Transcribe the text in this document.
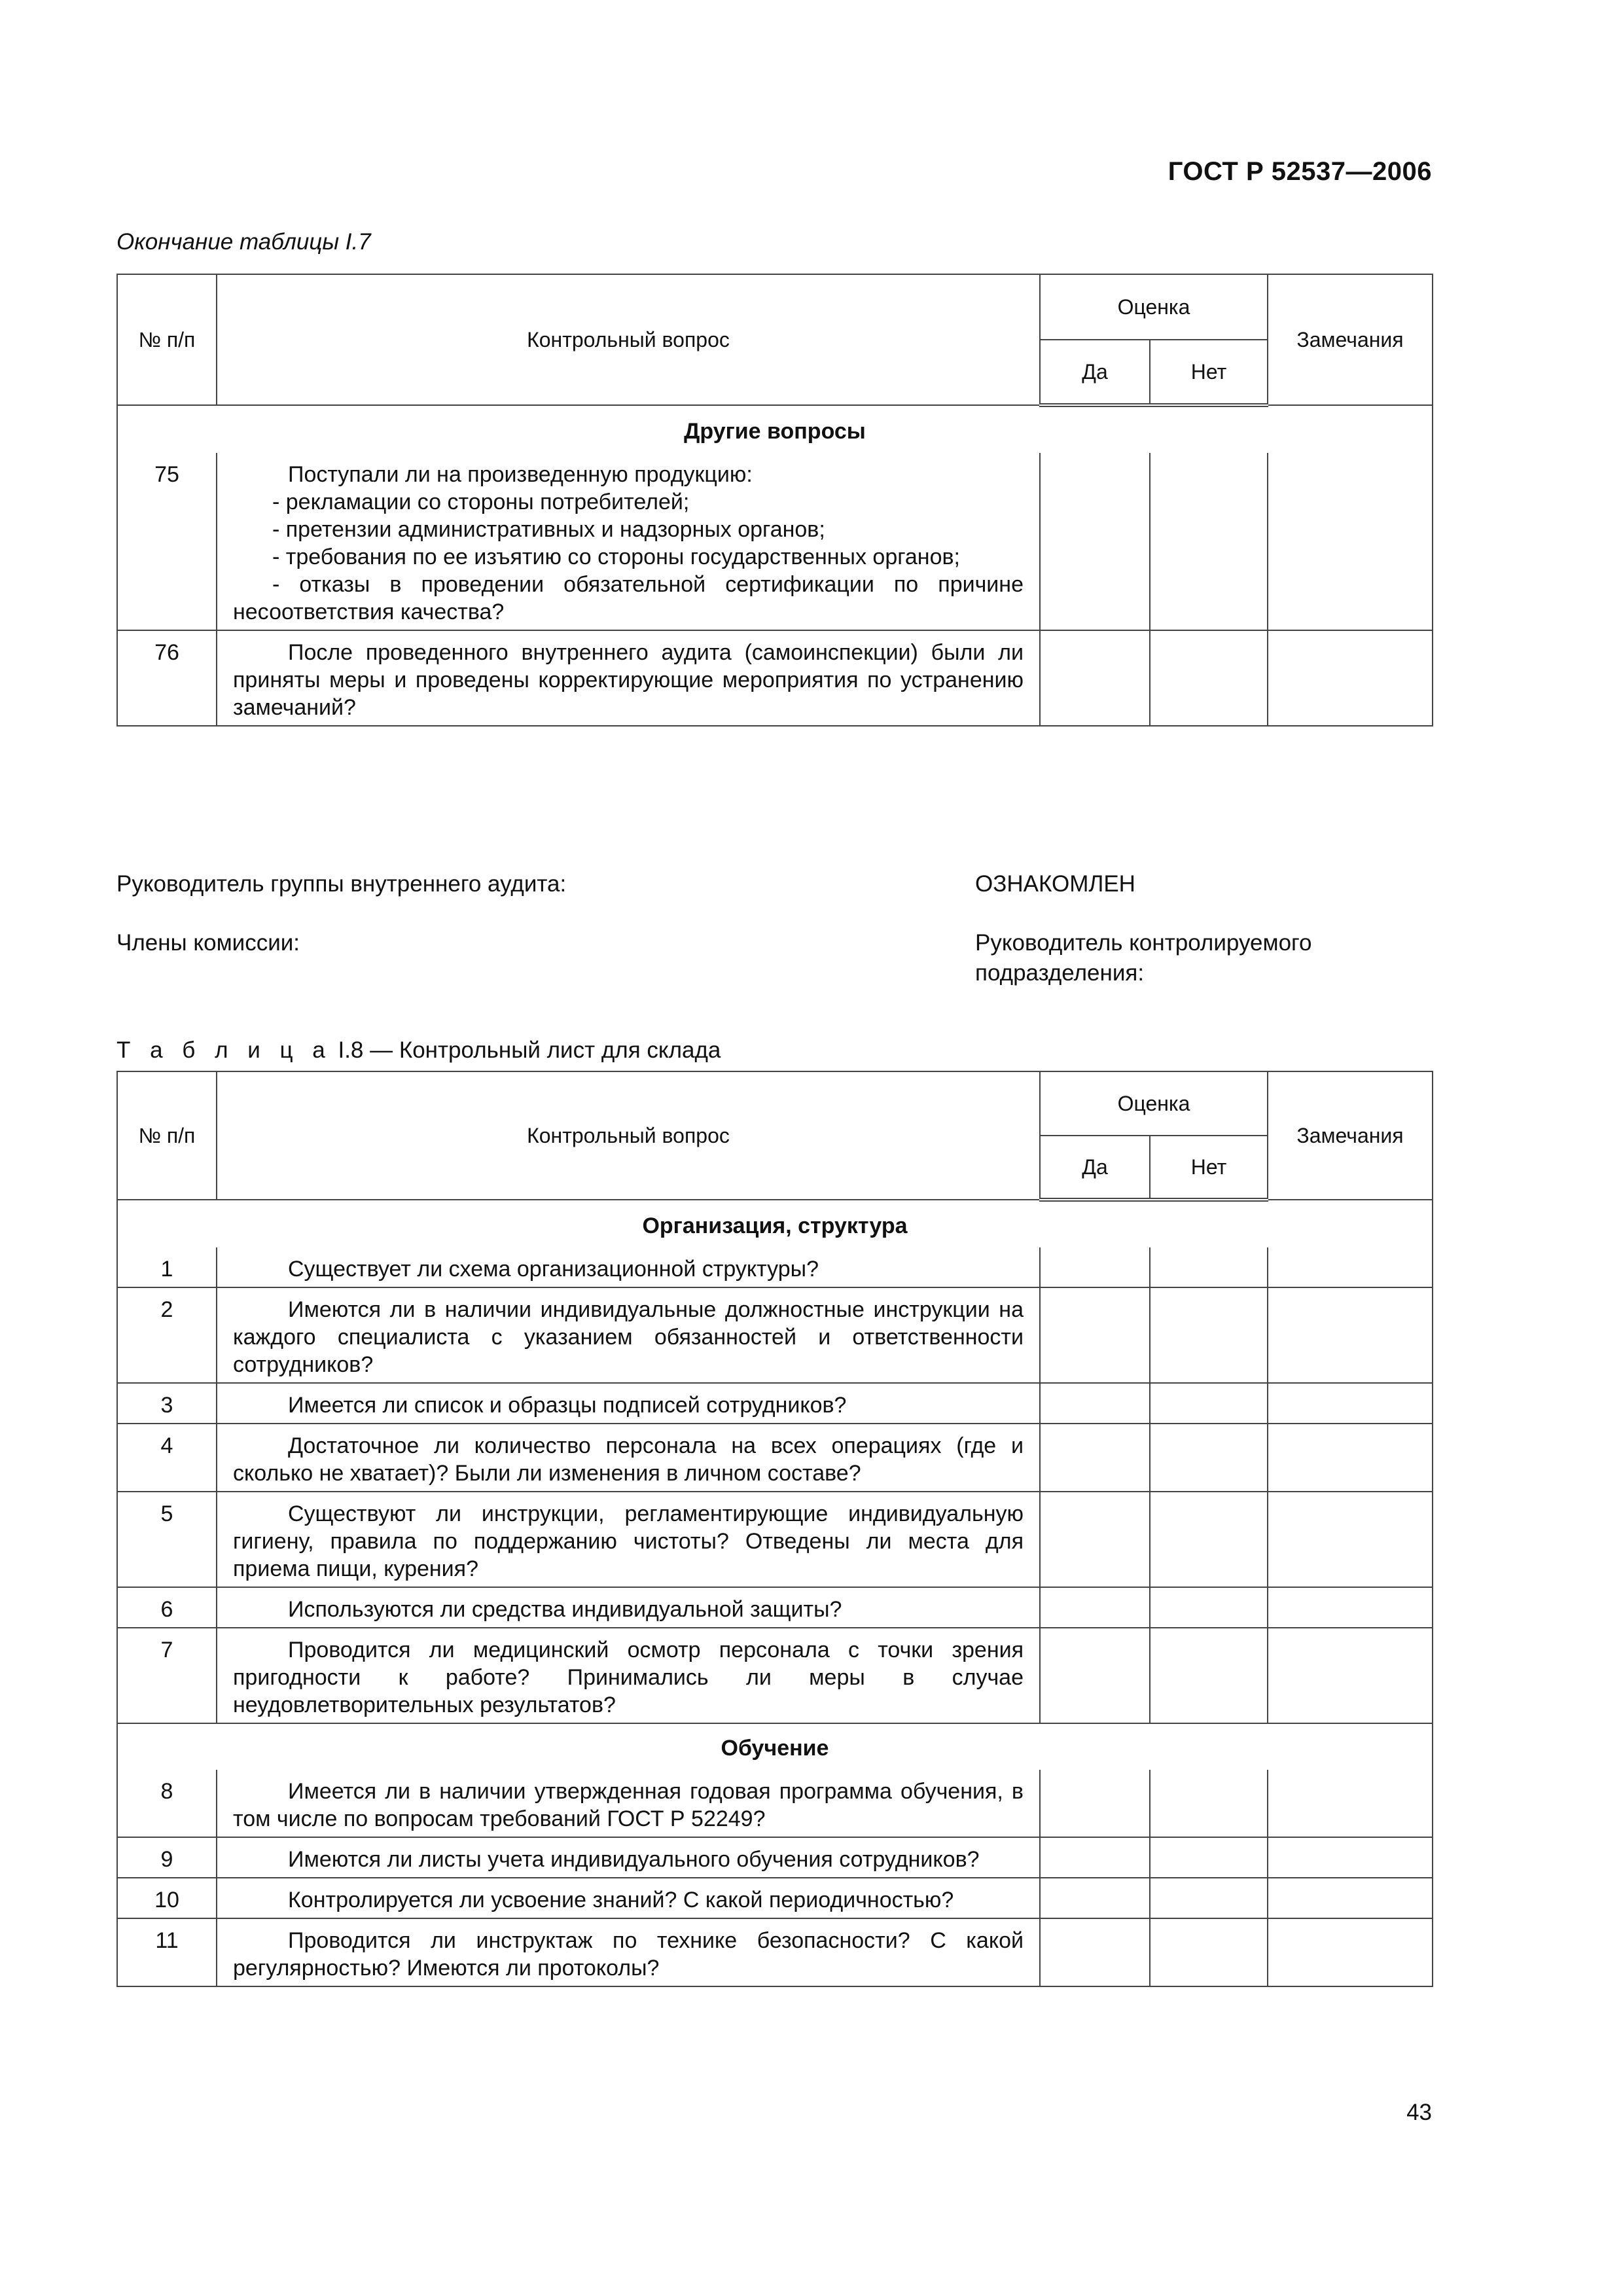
ГОСТ Р 52537—2006
Окончание таблицы I.7
№ п/п	Контрольный вопрос	Оценка		Замечания
		Да	Нет	
Другие вопросы				
75	Поступали ли на произведенную продукцию:

- рекламации со стороны потребителей;

- претензии административных и надзорных органов;

- требования по ее изъятию со стороны государственных органов;

- отказы в проведении обязательной сертификации по причине несоответствия качества?			

76	После проведенного внутреннего аудита (самоинспекции) были ли приняты меры и проведены корректирующие мероприятия по устранению замечаний?			

Руководитель группы внутреннего аудита:
Члены комиссии:
ОЗНАКОМЛЕН
Руководитель контролируемого подразделения:
Т а б л и ц а I.8 — Контрольный лист для склада
№ п/п	Контрольный вопрос	Оценка		Замечания
		Да	Нет	
Организация, структура				
1	Существует ли схема организационной структуры?			

2	Имеются ли в наличии индивидуальные должностные инструкции на каждого специалиста с указанием обязанностей и ответственности сотрудников?			

3	Имеется ли список и образцы подписей сотрудников?			

4	Достаточное ли количество персонала на всех операциях (где и сколько не хватает)? Были ли изменения в личном составе?			

5	Существуют ли инструкции, регламентирующие индивидуальную гигиену, правила по поддержанию чистоты? Отведены ли места для приема пищи, курения?			

6	Используются ли средства индивидуальной защиты?			

7	Проводится ли медицинский осмотр персонала с точки зрения пригодности к работе? Принимались ли меры в случае неудовлетворительных результатов?			

Обучение				
8	Имеется ли в наличии утвержденная годовая программа обучения, в том числе по вопросам требований ГОСТ Р 52249?			

9	Имеются ли листы учета индивидуального обучения сотрудников?			

10	Контролируется ли усвоение знаний? С какой периодичностью?			

11	Проводится ли инструктаж по технике безопасности? С какой регулярностью? Имеются ли протоколы?			

43
